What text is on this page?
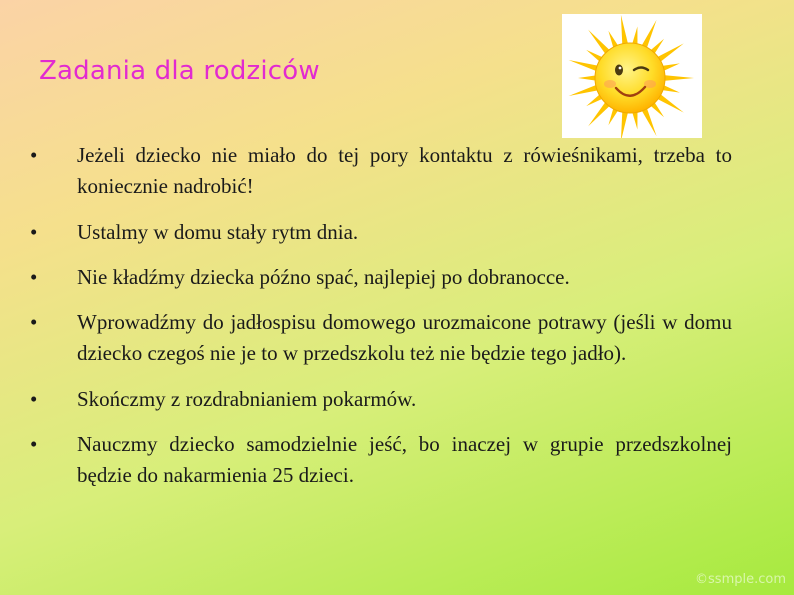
Zadania dla rodziców
• Jeżeli dziecko nie miało do tej pory kontaktu z rówieśnikami, trzeba to koniecznie nadrobić!
• Ustalmy w domu stały rytm dnia.
• Nie kładźmy dziecka późno spać, najlepiej po dobranocce.
• Wprowadźmy do jadłospisu domowego urozmaicone potrawy (jeśli w domu dziecko czegoś nie je to w przedszkolu też nie będzie tego jadło).
• Skończmy z rozdrabnianiem pokarmów.
• Nauczmy dziecko samodzielnie jeść, bo inaczej w grupie przedszkolnej będzie do nakarmienia 25 dzieci.
©ssmple.com
